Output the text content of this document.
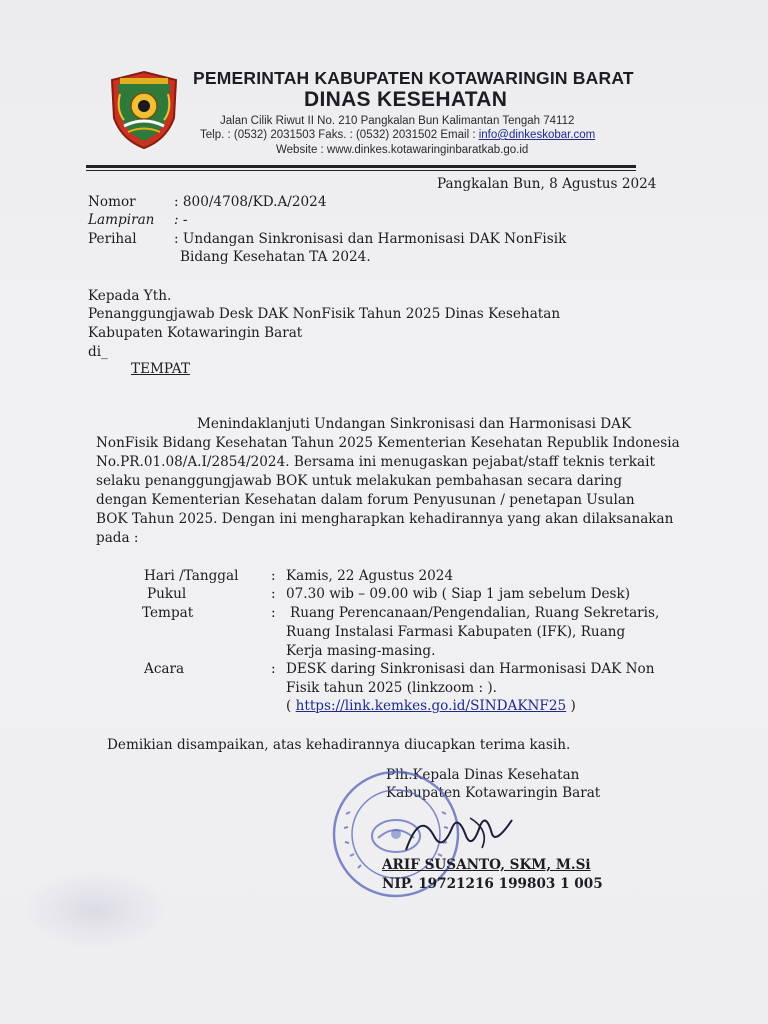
PEMERINTAH KABUPATEN KOTAWARINGIN BARAT
DINAS KESEHATAN
Jalan Cilik Riwut II No. 210 Pangkalan Bun Kalimantan Tengah 74112
Telp. : (0532) 2031503 Faks. : (0532) 2031502 Email : info@dinkeskobar.com
Website : www.dinkes.kotawaringinbaratkab.go.id
Pangkalan Bun, 8 Agustus 2024
Nomor	: 800/4708/KD.A/2024
Lampiran : -
Perihal	: Undangan Sinkronisasi dan Harmonisasi DAK NonFisik
Bidang Kesehatan TA 2024.
Kepada Yth.
Penanggungjawab Desk DAK NonFisik Tahun 2025 Dinas Kesehatan
Kabupaten Kotawaringin Barat
di_
TEMPAT
Menindaklanjuti Undangan Sinkronisasi dan Harmonisasi DAK
NonFisik Bidang Kesehatan Tahun 2025 Kementerian Kesehatan Republik Indonesia
No.PR.01.08/A.I/2854/2024. Bersama ini menugaskan pejabat/staff teknis terkait
selaku penanggungjawab BOK untuk melakukan pembahasan secara daring
dengan Kementerian Kesehatan dalam forum Penyusunan / penetapan Usulan
BOK Tahun 2025. Dengan ini mengharapkan kehadirannya yang akan dilaksanakan
pada :
Hari /Tanggal : Kamis, 22 Agustus 2024
Pukul	: 07.30 wib – 09.00 wib ( Siap 1 jam sebelum Desk)
Tempat	: Ruang Perencanaan/Pengendalian, Ruang Sekretaris,
Ruang Instalasi Farmasi Kabupaten (IFK), Ruang
Kerja masing-masing.
Acara	: DESK daring Sinkronisasi dan Harmonisasi DAK Non
Fisik tahun 2025 (linkzoom : ).
( https://link.kemkes.go.id/SINDAKNF25 )
Demikian disampaikan, atas kehadirannya diucapkan terima kasih.
Plh.Kepala Dinas Kesehatan
Kabupaten Kotawaringin Barat
ARIF SUSANTO, SKM, M.Si
NIP. 19721216 199803 1 005
